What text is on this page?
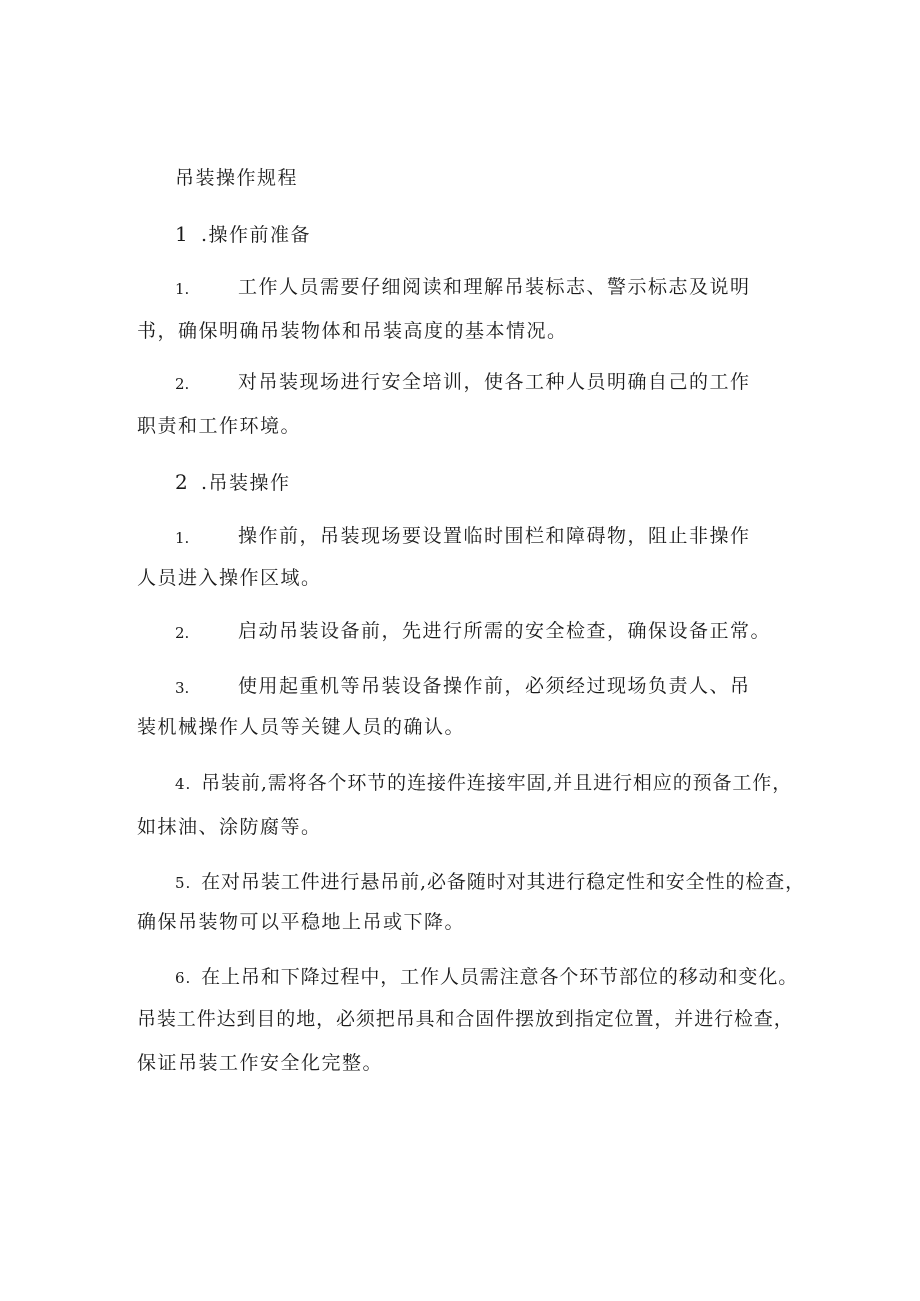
吊装操作规程
1 .操作前准备
1.	工作人员需要仔细阅读和理解吊装标志、警示标志及说明
书，确保明确吊装物体和吊装高度的基本情况。
2.	对吊装现场进行安全培训，使各工种人员明确自己的工作
职责和工作环境。
2 .吊装操作
1.	操作前，吊装现场要设置临时围栏和障碍物，阻止非操作
人员进入操作区域。
2.	启动吊装设备前，先进行所需的安全检查，确保设备正常。
3.	使用起重机等吊装设备操作前，必须经过现场负责人、吊
装机械操作人员等关键人员的确认。
4. 吊装前,需将各个环节的连接件连接牢固,并且进行相应的预备工作，
如抹油、涂防腐等。
5. 在对吊装工件进行悬吊前,必备随时对其进行稳定性和安全性的检查，
确保吊装物可以平稳地上吊或下降。
6. 在上吊和下降过程中，工作人员需注意各个环节部位的移动和变化。
吊装工件达到目的地，必须把吊具和合固件摆放到指定位置，并进行检查，
保证吊装工作安全化完整。
